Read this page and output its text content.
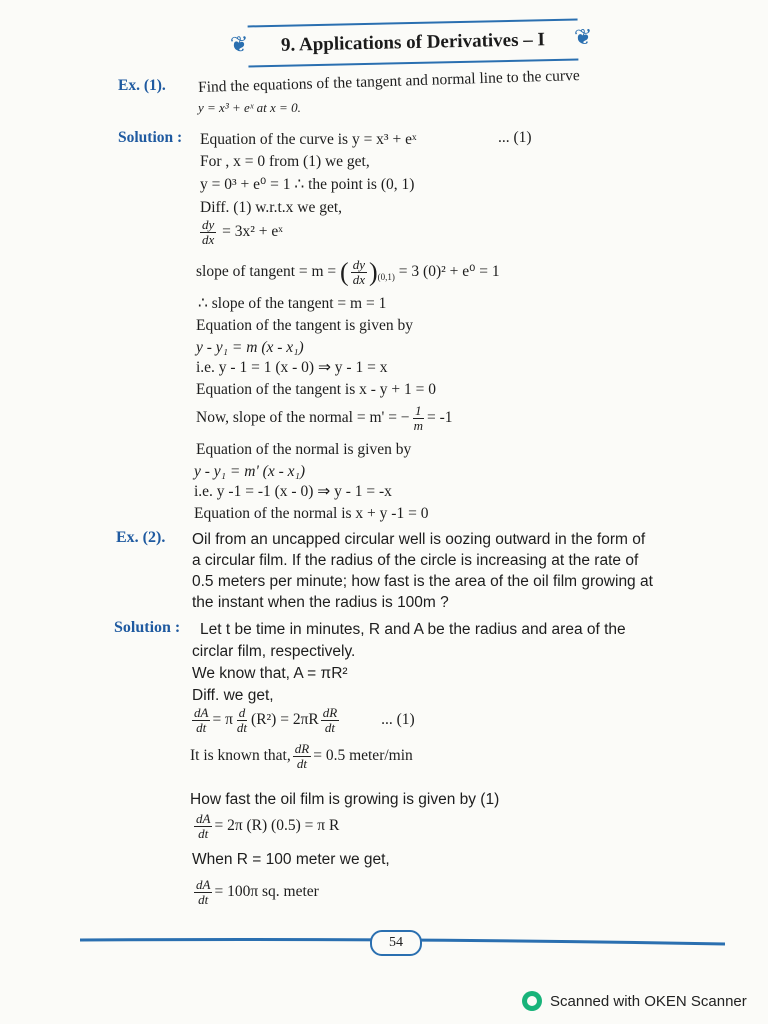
❦ 9. Applications of Derivatives – I ❦
Ex. (1). Find the equations of the tangent and normal line to the curve
y = x³ + eˣ at x = 0.
Solution : Equation of the curve is y = x³ + eˣ	... (1)
For , x = 0 from (1) we get,
y = 0³ + e⁰ = 1 ∴ the point is (0, 1)
Diff. (1) w.r.t.x we get,
$\frac{dy}{dx} = 3x^2$ + eˣ
slope of tangent = m = ( $\frac{dy}{dx} )_{(0,1)} = 3$ (0)² + e⁰ = 1
∴ slope of the tangent = m = 1
Equation of the tangent is given by
y - y₁ = m (x - x₁)
i.e. y - 1 = 1 (x - 0) ⇒ y - 1 = x
Equation of the tangent is x - y + 1 = 0
Now, slope of the normal = m' = − $\frac{1}{m} = -1$
Equation of the normal is given by
y - y₁ = m' (x - x₁)
i.e. y -1 = -1 (x - 0) ⇒ y - 1 = -x
Equation of the normal is x + y -1 = 0
Ex. (2). Oil from an uncapped circular well is oozing outward in the form of
a circular film. If the radius of the circle is increasing at the rate of
0.5 meters per minute; how fast is the area of the oil film growing at
the instant when the radius is 100m ?
Solution : Let t be time in minutes, R and A be the radius and area of the
circlar film, respectively.
We know that, A = πR²
Diff. we get,
$\frac{dA}{dt} = \pi \frac{d}{dt} (R^2) = 2\pi R \frac{dR}{dt}$	... (1)
It is known that, $\frac{dR}{dt} = 0.5$ meter/min
How fast the oil film is growing is given by (1)
$\frac{dA}{dt} = 2\pi$ (R) (0.5) = π R
When R = 100 meter we get,
$\frac{dA}{dt} = 100\pi$ sq. meter
54
Scanned with OKEN Scanner
